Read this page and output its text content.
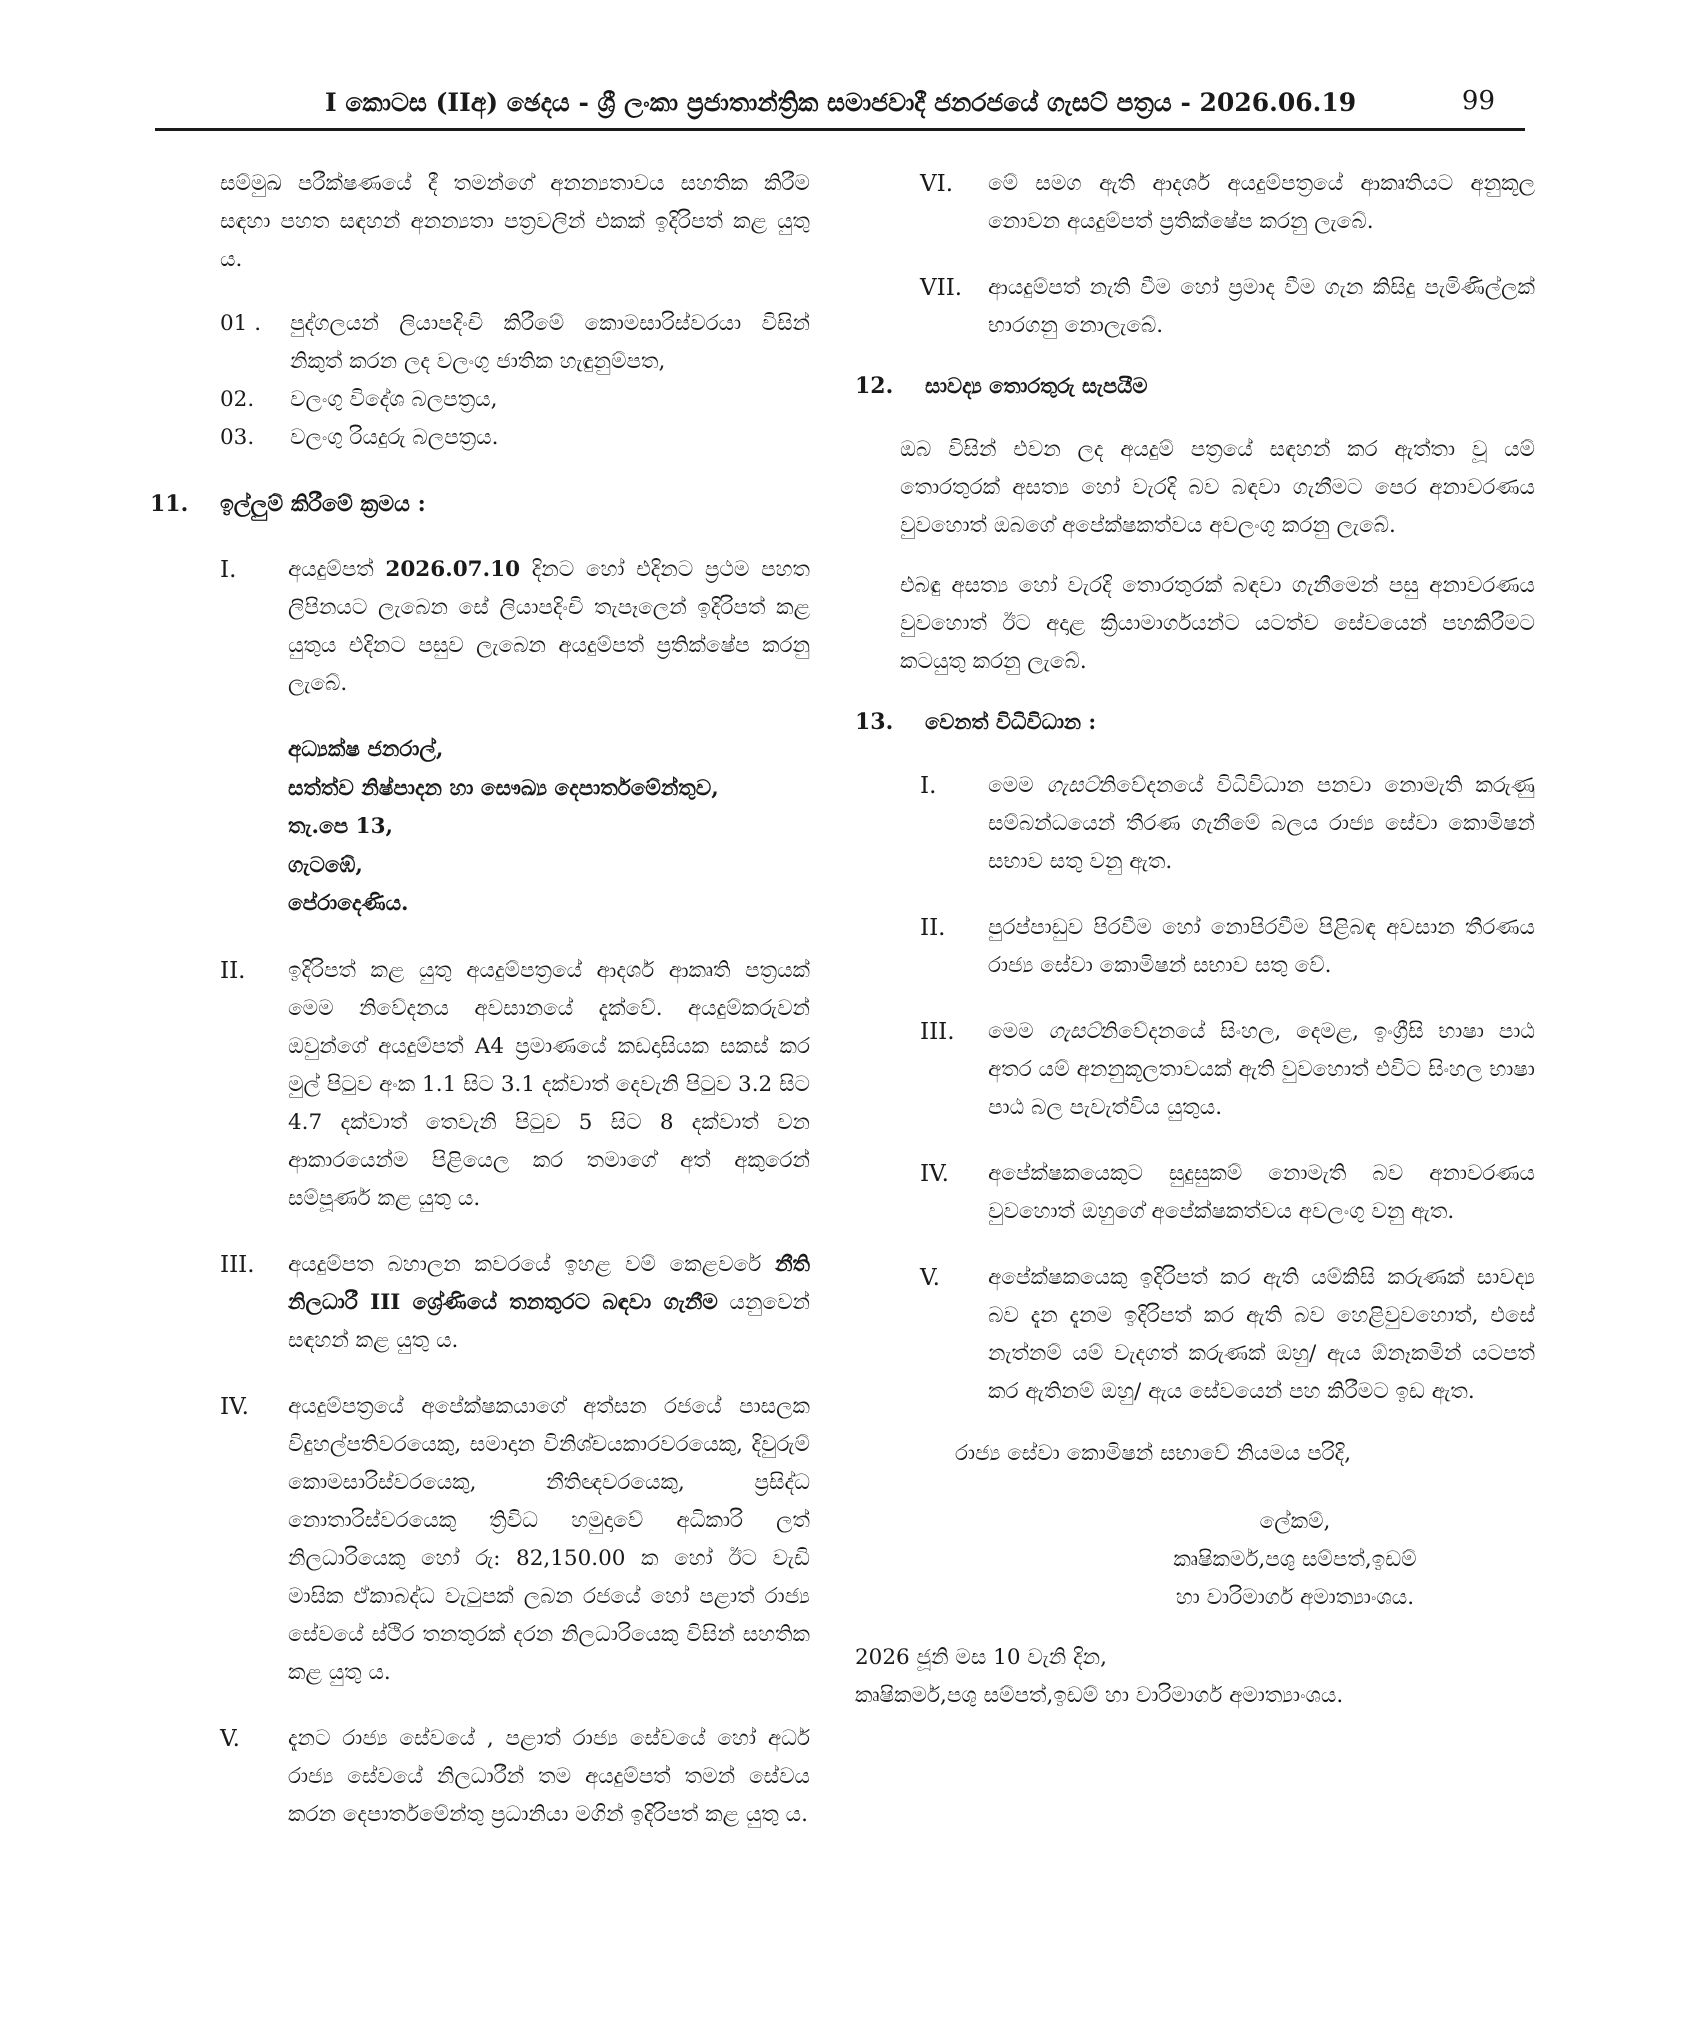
I කොටස (IIඅ) ඡෙදය - ශ්‍රී ලංකා ප්‍රජාතාන්ත්‍රික සමාජවාදී ජනරජයේ ගැසට් පත්‍රය - 2026.06.19	99

සම්මුඛ පරීක්ෂණයේ දී තමන්ගේ අනන්‍යතාවය සහතික කිරීම සඳහා පහත සඳහන් අනන්‍යතා පත්‍රවලින් එකක් ඉදිරිපත් කළ යුතු ය.

01 .	පුද්ගලයන් ලියාපදිංචි කිරීමේ කොමසාරිස්වරයා විසින් නිකුත් කරන ලද වලංගු ජාතික හැඳුනුම්පත,
02.	වලංගු විදේශ බලපත්‍රය,
03.	වලංගු රියදුරු බලපත්‍රය.
11.	ඉල්ලුම් කිරීමේ ක්‍රමය :
I.	අයදුම්පත් 2026.07.10 දිනට හෝ එදිනට ප්‍රථම පහත ලිපිනයට ලැබෙන සේ ලියාපදිංචි තැපෑලෙන් ඉදිරිපත් කළ යුතුය එදිනට පසුව ලැබෙන අයදුම්පත් ප්‍රතික්ෂේප කරනු ලැබේ.
අධ්‍යක්ෂ ජනරාල්,
සත්ත්ව නිෂ්පාදන හා සෞඛ්‍ය දෙපාර්තමේන්තුව,
තැ.පෙ 13,
ගැටඹේ,
පේරාදෙණිය.
II.	ඉදිරිපත් කළ යුතු අයදුම්පත්‍රයේ ආදර්ශ ආකෘති පත්‍රයක් මෙම නිවේදනය අවසානයේ දැක්වේ. අයදුම්කරුවන් ඔවුන්ගේ අයදුම්පත් A4 ප්‍රමාණයේ කඩදාසියක සකස් කර මුල් පිටුව අංක 1.1 සිට 3.1 දක්වාත් දෙවැනි පිටුව 3.2 සිට 4.7 දක්වාත් තෙවැනි පිටුව 5 සිට 8 දක්වාත් වන ආකාරයෙන්ම පිළියෙල කර තමාගේ අත් අකුරෙන් සම්පූර්ණ කළ යුතු ය.

III.	අයදුම්පත බහාලන කවරයේ ඉහළ වම් කෙළවරේ නීති නිලධාරී III ශ්‍රේණියේ තනතුරට බඳවා ගැනීම යනුවෙන් සඳහන් කළ යුතු ය.
IV.	අයදුම්පත්‍රයේ අපේක්ෂකයාගේ අත්සන රජයේ පාසලක විදුහල්පතිවරයෙකු, සමාදාන විනිශ්චයකාරවරයෙකු, දිවුරුම් කොමසාරිස්වරයෙකු, නීතිඥවරයෙකු, ප්‍රසිද්ධ නොතාරිස්වරයෙකු ත්‍රිවිධ හමුදාවේ අධිකාරි ලත් නිලධාරියෙකු හෝ රු: 82,150.00 ක හෝ ඊට වැඩි මාසික ඒකාබද්ධ වැටුපක් ලබන රජයේ හෝ පළාත් රාජ්‍ය සේවයේ ස්ථිර තනතුරක් දරන නිලධාරියෙකු විසින් සහතික කළ යුතු ය.

V.	දැනට රාජ්‍ය සේවයේ , පළාත් රාජ්‍ය සේවයේ හෝ අර්ධ රාජ්‍ය සේවයේ නිලධාරීන් තම අයදුම්පත් තමන් සේවය කරන දෙපාර්තමේන්තු ප්‍රධානියා මගින් ඉදිරිපත් කළ යුතු ය.

VI.	මේ සමග ඇති ආදර්ශ අයදුම්පත්‍රයේ ආකෘතියට අනුකූල නොවන අයදුම්පත් ප්‍රතික්ෂේප කරනු ලැබේ.

VII.	ආයදුම්පත් නැති වීම හෝ ප්‍රමාද වීම ගැන කිසිදු පැමිණිල්ලක් භාරගනු නොලැබේ.

12.	සාවද්‍ය තොරතුරු සැපයීම

ඔබ විසින් එවන ලද අයදුම් පත්‍රයේ සඳහන් කර ඇත්තා වූ යම් තොරතුරක් අසත්‍ය හෝ වැරදි බව බඳවා ගැනීමට පෙර අනාවරණය වුවහොත් ඔබගේ අපේක්ෂකත්වය අවලංගු කරනු ලැබේ.

එබඳු අසත්‍ය හෝ වැරදි තොරතුරක් බඳවා ගැනීමෙන් පසු අනාවරණය වුවහොත් ඊට අදාළ ක්‍රියාමාර්ගයන්ට යටත්ව සේවයෙන් පහකිරීමට කටයුතු කරනු ලැබේ.

13.	වෙනත් විධිවිධාන :
I.	මෙම ගැසට්නිවේදනයේ විධිවිධාන පනවා නොමැති කරුණු සම්බන්ධයෙන් තීරණ ගැනීමේ බලය රාජ්‍ය සේවා කොමිෂන් සභාව සතු වනු ඇත.
II.	පුරප්පාඩුව පිරවීම හෝ නොපිරවීම පිළිබඳ අවසාන තීරණය රාජ්‍ය සේවා කොමිෂන් සභාව සතු වේ.
III.	මෙම ගැසට්නිවේදනයේ සිංහල, දෙමළ, ඉංග්‍රීසි භාෂා පාඨ අතර යම් අනනුකූලතාවයක් ඇති වුවහොත් එවිට සිංහල භාෂා පාඨ බල පැවැත්විය යුතුය.
IV.	අපේක්ෂකයෙකුට සුදුසුකම් නොමැති බව අනාවරණය වුවහොත් ඔහුගේ අපේක්ෂකත්වය අවලංගු වනු ඇත.
V.	අපේක්ෂකයෙකු ඉදිරිපත් කර ඇති යම්කිසි කරුණක් සාවද්‍ය බව දැන දැනම ඉදිරිපත් කර ඇති බව හෙළිවුවහොත්, එසේ නැත්නම් යම් වැදගත් කරුණක් ඔහු/ ඇය ඕනෑකමින් යටපත් කර ඇතිනම් ඔහු/ ඇය සේවයෙන් පහ කිරීමට ඉඩ ඇත.

රාජ්‍ය සේවා කොමිෂන් සභාවේ නියමය පරිදි,

ලේකම්,
කෘෂිකර්ම,පශු සම්පත්,ඉඩම්
හා වාරිමාර්ග අමාත්‍යාංශය.

2026 ජූනි මස 10 වැනි දින,

කෘෂිකර්ම,පශු සම්පත්,ඉඩම් හා වාරිමාර්ග අමාත්‍යාංශය.
